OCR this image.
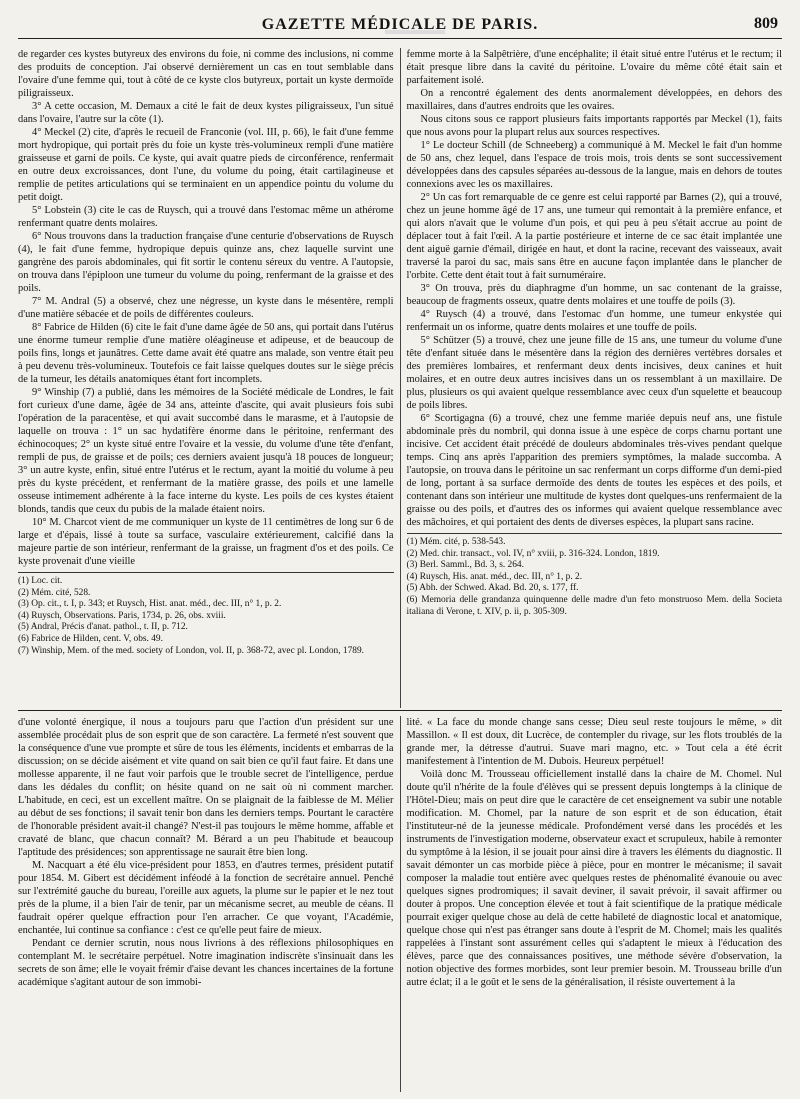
GAZETTE MÉDICALE DE PARIS.	809

de regarder ces kystes butyreux des environs du foie, ni comme des inclusions, ni comme des produits de conception. J'ai observé dernièrement un cas en tout semblable dans l'ovaire d'une femme qui, tout à côté de ce kyste clos butyreux, portait un kyste dermoïde piligraisseux.

3° A cette occasion, M. Demaux a cité le fait de deux kystes piligraisseux, l'un situé dans l'ovaire, l'autre sur la côte (1).

4° Meckel (2) cite, d'après le recueil de Franconie (vol. III, p. 66), le fait d'une femme mort hydropique, qui portait près du foie un kyste très-volumineux rempli d'une matière graisseuse et garni de poils. Ce kyste, qui avait quatre pieds de circonférence, renfermait en outre deux excroissances, dont l'une, du volume du poing, était cartilagineuse et remplie de petites articulations qui se terminaient en un appendice pointu du volume du petit doigt.

5° Lobstein (3) cite le cas de Ruysch, qui a trouvé dans l'estomac même un athérome renfermant quatre dents molaires.

6° Nous trouvons dans la traduction française d'une centurie d'observations de Ruysch (4), le fait d'une femme, hydropique depuis quinze ans, chez laquelle survint une gangrène des parois abdominales, qui fit sortir le contenu séreux du ventre. A l'autopsie, on trouva dans l'épiploon une tumeur du volume du poing, renfermant de la graisse et des poils.

7° M. Andral (5) a observé, chez une négresse, un kyste dans le mésentère, rempli d'une matière sébacée et de poils de différentes couleurs.

8° Fabrice de Hilden (6) cite le fait d'une dame âgée de 50 ans, qui portait dans l'utérus une énorme tumeur remplie d'une matière oléagineuse et adipeuse, et de beaucoup de poils fins, longs et jaunâtres. Cette dame avait été quatre ans malade, son ventre était peu à peu devenu très-volumineux. Toutefois ce fait laisse quelques doutes sur le siège précis de la tumeur, les détails anatomiques étant fort incomplets.

9° Winship (7) a publié, dans les mémoires de la Société médicale de Londres, le fait fort curieux d'une dame, âgée de 34 ans, atteinte d'ascite, qui avait plusieurs fois subi l'opération de la paracentèse, et qui avait succombé dans le marasme, et à l'autopsie de laquelle on trouva : 1° un sac hydatifère énorme dans le péritoine, renfermant des échinocoques; 2° un kyste situé entre l'ovaire et la vessie, du volume d'une tête d'enfant, rempli de pus, de graisse et de poils; ces derniers avaient jusqu'à 18 pouces de longueur; 3° un autre kyste, enfin, situé entre l'utérus et le rectum, ayant la moitié du volume à peu près du kyste précédent, et renfermant de la matière grasse, des poils et une lamelle osseuse intimement adhérente à la face interne du kyste. Les poils de ces kystes étaient blonds, tandis que ceux du pubis de la malade étaient noirs.

10° M. Charcot vient de me communiquer un kyste de 11 centimètres de long sur 6 de large et d'épais, lissé à toute sa surface, vasculaire extérieurement, calcifié dans la majeure partie de son intérieur, renfermant de la graisse, un fragment d'os et des poils. Ce kyste provenait d'une vieille

(1) Loc. cit.
(2) Mém. cité, 528.
(3) Op. cit., t. I, p. 343; et Ruysch, Hist. anat. méd., dec. III, n° 1, p. 2.
(4) Ruysch, Observations. Paris, 1734, p. 26, obs. xviii.
(5) Andral, Précis d'anat. pathol., t. II, p. 712.
(6) Fabrice de Hilden, cent. V, obs. 49.
(7) Winship, Mem. of the med. society of London, vol. II, p. 368-72, avec pl. London, 1789.

femme morte à la Salpêtrière, d'une encéphalite; il était situé entre l'utérus et le rectum; il était presque libre dans la cavité du péritoine. L'ovaire du même côté était sain et parfaitement isolé.

On a rencontré également des dents anormalement développées, en dehors des maxillaires, dans d'autres endroits que les ovaires.

Nous citons sous ce rapport plusieurs faits importants rapportés par Meckel (1), faits que nous avons pour la plupart relus aux sources respectives.

1° Le docteur Schill (de Schneeberg) a communiqué à M. Meckel le fait d'un homme de 50 ans, chez lequel, dans l'espace de trois mois, trois dents se sont successivement développées dans des capsules séparées au-dessous de la langue, mais en dehors de toutes connexions avec les os maxillaires.

2° Un cas fort remarquable de ce genre est celui rapporté par Barnes (2), qui a trouvé, chez un jeune homme âgé de 17 ans, une tumeur qui remontait à la première enfance, et qui alors n'avait que le volume d'un pois, et qui peu à peu s'était accrue au point de déplacer tout à fait l'œil. A la partie postérieure et interne de ce sac était implantée une dent aiguë garnie d'émail, dirigée en haut, et dont la racine, recevant des vaisseaux, avait traversé la paroi du sac, mais sans être en aucune façon implantée dans le plancher de l'orbite. Cette dent était tout à fait surnuméraire.

3° On trouva, près du diaphragme d'un homme, un sac contenant de la graisse, beaucoup de fragments osseux, quatre dents molaires et une touffe de poils (3).

4° Ruysch (4) a trouvé, dans l'estomac d'un homme, une tumeur enkystée qui renfermait un os informe, quatre dents molaires et une touffe de poils.

5° Schützer (5) a trouvé, chez une jeune fille de 15 ans, une tumeur du volume d'une tête d'enfant située dans le mésentère dans la région des dernières vertèbres dorsales et des premières lombaires, et renfermant deux dents incisives, deux canines et huit molaires, et en outre deux autres incisives dans un os ressemblant à un maxillaire. De plus, plusieurs os qui avaient quelque ressemblance avec ceux d'un squelette et beaucoup de poils libres.

6° Scortigagna (6) a trouvé, chez une femme mariée depuis neuf ans, une fistule abdominale près du nombril, qui donna issue à une espèce de corps charnu portant une incisive. Cet accident était précédé de douleurs abdominales très-vives pendant quelque temps. Cinq ans après l'apparition des premiers symptômes, la malade succomba. A l'autopsie, on trouva dans le péritoine un sac renfermant un corps difforme d'un demi-pied de long, portant à sa surface dermoïde des dents de toutes les espèces et des poils, et contenant dans son intérieur une multitude de kystes dont quelques-uns renfermaient de la graisse ou des poils, et d'autres des os informes qui avaient quelque ressemblance avec des mâchoires, et qui portaient des dents de diverses espèces, la plupart sans racine.

(1) Mém. cité, p. 538-543.
(2) Med. chir. transact., vol. IV, n° xviii, p. 316-324. London, 1819.
(3) Berl. Samml., Bd. 3, s. 264.
(4) Ruysch, His. anat. méd., dec. III, n° 1, p. 2.
(5) Abh. der Schwed. Akad. Bd. 20, s. 177, ff.
(6) Memoria delle grandanza quinquenne delle madre d'un feto monstruoso Mem. della Societa italiana di Verone, t. XIV, p. ii, p. 305-309.

d'une volonté énergique, il nous a toujours paru que l'action d'un président sur une assemblée procédait plus de son esprit que de son caractère. La fermeté n'est souvent que la conséquence d'une vue prompte et sûre de tous les éléments, incidents et embarras de la discussion; on se décide aisément et vite quand on sait bien ce qu'il faut faire. Et dans une mollesse apparente, il ne faut voir parfois que le trouble secret de l'intelligence, perdue dans les dédales du conflit; on hésite quand on ne sait où ni comment marcher. L'habitude, en ceci, est un excellent maître. On se plaignait de la faiblesse de M. Mélier au début de ses fonctions; il savait tenir bon dans les derniers temps. Pourtant le caractère de l'honorable président avait-il changé? N'est-il pas toujours le même homme, affable et cravaté de blanc, que chacun connaît? M. Bérard a un peu l'habitude et beaucoup l'aptitude des présidences; son apprentissage ne saurait être bien long.

M. Nacquart a été élu vice-président pour 1853, en d'autres termes, président putatif pour 1854. M. Gibert est décidément inféodé à la fonction de secrétaire annuel. Penché sur l'extrémité gauche du bureau, l'oreille aux aguets, la plume sur le papier et le nez tout près de la plume, il a bien l'air de tenir, par un mécanisme secret, au meuble de céans. Il faudrait opérer quelque effraction pour l'en arracher. Ce que voyant, l'Académie, enchantée, lui continue sa confiance : c'est ce qu'elle peut faire de mieux.

Pendant ce dernier scrutin, nous nous livrions à des réflexions philosophiques en contemplant M. le secrétaire perpétuel. Notre imagination indiscrète s'insinuait dans les secrets de son âme; elle le voyait frémir d'aise devant les chances incertaines de la fortune académique s'agitant autour de son immobi-

lité. « La face du monde change sans cesse; Dieu seul reste toujours le même, » dit Massillon. « Il est doux, dit Lucrèce, de contempler du rivage, sur les flots troublés de la grande mer, la détresse d'autrui. Suave mari magno, etc. » Tout cela a été écrit manifestement à l'intention de M. Dubois. Heureux perpétuel!

Voilà donc M. Trousseau officiellement installé dans la chaire de M. Chomel. Nul doute qu'il n'hérite de la foule d'élèves qui se pressent depuis longtemps à la clinique de l'Hôtel-Dieu; mais on peut dire que le caractère de cet enseignement va subir une notable modification. M. Chomel, par la nature de son esprit et de son éducation, était l'instituteur-né de la jeunesse médicale. Profondément versé dans les procédés et les instruments de l'investigation moderne, observateur exact et scrupuleux, habile à remonter du symptôme à la lésion, il se jouait pour ainsi dire à travers les éléments du diagnostic. Il savait démonter un cas morbide pièce à pièce, pour en montrer le mécanisme; il savait composer la maladie tout entière avec quelques restes de phénomalité évanouie ou avec quelques signes prodromiques; il savait deviner, il savait prévoir, il savait affirmer ou douter à propos. Une conception élevée et tout à fait scientifique de la pratique médicale pourrait exiger quelque chose au delà de cette habileté de diagnostic local et anatomique, quelque chose qui n'est pas étranger sans doute à l'esprit de M. Chomel; mais les qualités rappelées à l'instant sont assurément celles qui s'adaptent le mieux à l'éducation des élèves, parce que des connaissances positives, une méthode sévère d'observation, la notion objective des formes morbides, sont leur premier besoin. M. Trousseau brille d'un autre éclat; il a le goût et le sens de la généralisation, il résiste ouvertement à la
